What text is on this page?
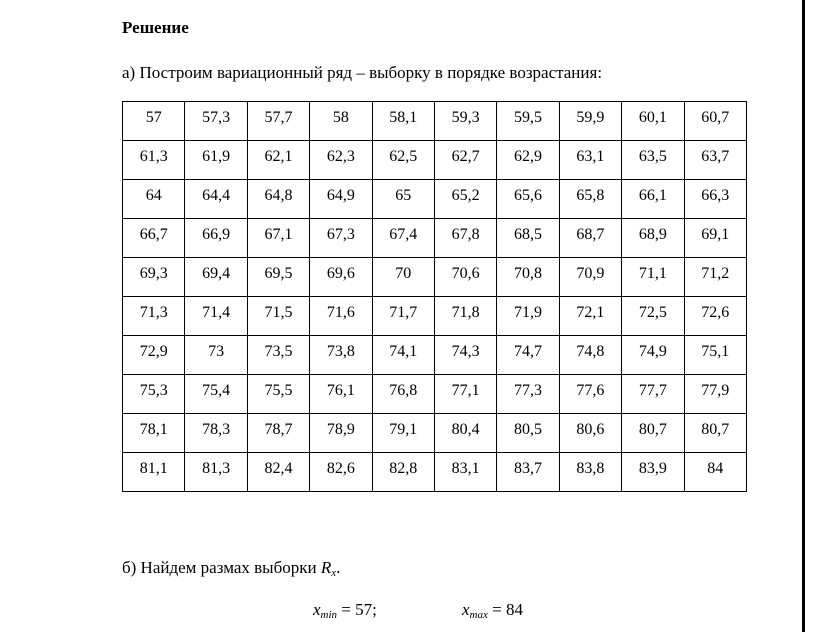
Решение
а) Построим вариационный ряд – выборку в порядке возрастания:
57	57,3	57,7	58	58,1	59,3	59,5	59,9	60,1	60,7
61,3	61,9	62,1	62,3	62,5	62,7	62,9	63,1	63,5	63,7
64	64,4	64,8	64,9	65	65,2	65,6	65,8	66,1	66,3
66,7	66,9	67,1	67,3	67,4	67,8	68,5	68,7	68,9	69,1
69,3	69,4	69,5	69,6	70	70,6	70,8	70,9	71,1	71,2
71,3	71,4	71,5	71,6	71,7	71,8	71,9	72,1	72,5	72,6
72,9	73	73,5	73,8	74,1	74,3	74,7	74,8	74,9	75,1
75,3	75,4	75,5	76,1	76,8	77,1	77,3	77,6	77,7	77,9
78,1	78,3	78,7	78,9	79,1	80,4	80,5	80,6	80,7	80,7
81,1	81,3	82,4	82,6	82,8	83,1	83,7	83,8	83,9	84
б) Найдем размах выборки $R_x$.
$x_{min} = 57$;	$x_{max} = 84$
